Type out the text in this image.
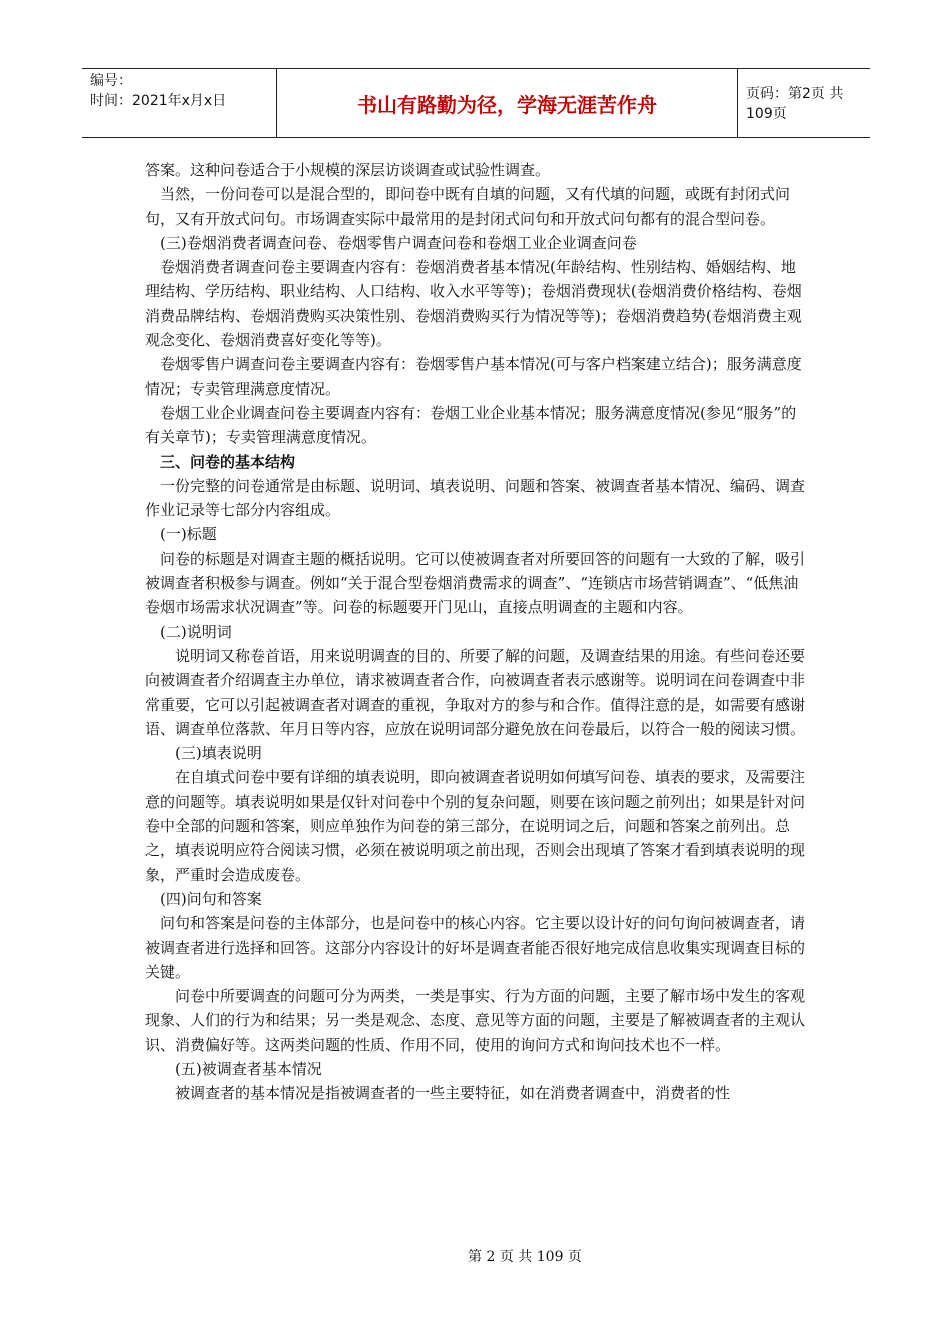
编号：
时间：2021年x月x日	书山有路勤为径，学海无涯苦作舟	页码：第2页 共109页

答案。这种问卷适合于小规模的深层访谈调查或试验性调查。

当然，一份问卷可以是混合型的，即问卷中既有自填的问题，又有代填的问题，或既有封闭式问句，又有开放式问句。市场调查实际中最常用的是封闭式问句和开放式问句都有的混合型问卷。

(三)卷烟消费者调查问卷、卷烟零售户调查问卷和卷烟工业企业调查问卷

卷烟消费者调查问卷主要调查内容有：卷烟消费者基本情况(年龄结构、性别结构、婚姻结构、地理结构、学历结构、职业结构、人口结构、收入水平等等)；卷烟消费现状(卷烟消费价格结构、卷烟消费品牌结构、卷烟消费购买决策性别、卷烟消费购买行为情况等等)；卷烟消费趋势(卷烟消费主观观念变化、卷烟消费喜好变化等等)。

卷烟零售户调查问卷主要调查内容有：卷烟零售户基本情况(可与客户档案建立结合)；服务满意度情况；专卖管理满意度情况。

卷烟工业企业调查问卷主要调查内容有：卷烟工业企业基本情况；服务满意度情况(参见“服务”的有关章节)；专卖管理满意度情况。

三、问卷的基本结构

一份完整的问卷通常是由标题、说明词、填表说明、问题和答案、被调查者基本情况、编码、调查作业记录等七部分内容组成。

(一)标题

问卷的标题是对调查主题的概括说明。它可以使被调查者对所要回答的问题有一大致的了解，吸引被调查者积极参与调查。例如“关于混合型卷烟消费需求的调查”、“连锁店市场营销调查”、“低焦油卷烟市场需求状况调查”等。问卷的标题要开门见山，直接点明调查的主题和内容。

(二)说明词

说明词又称卷首语，用来说明调查的目的、所要了解的问题，及调查结果的用途。有些问卷还要向被调查者介绍调查主办单位，请求被调查者合作，向被调查者表示感谢等。说明词在问卷调查中非常重要，它可以引起被调查者对调查的重视，争取对方的参与和合作。值得注意的是，如需要有感谢语、调查单位落款、年月日等内容，应放在说明词部分避免放在问卷最后，以符合一般的阅读习惯。

(三)填表说明

在自填式问卷中要有详细的填表说明，即向被调查者说明如何填写问卷、填表的要求，及需要注意的问题等。填表说明如果是仅针对问卷中个别的复杂问题，则要在该问题之前列出；如果是针对问卷中全部的问题和答案，则应单独作为问卷的第三部分，在说明词之后，问题和答案之前列出。总之，填表说明应符合阅读习惯，必须在被说明项之前出现，否则会出现填了答案才看到填表说明的现象，严重时会造成废卷。

(四)问句和答案

问句和答案是问卷的主体部分，也是问卷中的核心内容。它主要以设计好的问句询问被调查者，请被调查者进行选择和回答。这部分内容设计的好坏是调查者能否很好地完成信息收集实现调查目标的关键。

问卷中所要调查的问题可分为两类，一类是事实、行为方面的问题，主要了解市场中发生的客观现象、人们的行为和结果；另一类是观念、态度、意见等方面的问题，主要是了解被调查者的主观认识、消费偏好等。这两类问题的性质、作用不同，使用的询问方式和询问技术也不一样。

(五)被调查者基本情况

被调查者的基本情况是指被调查者的一些主要特征，如在消费者调查中，消费者的性

第 2 页 共 109 页
